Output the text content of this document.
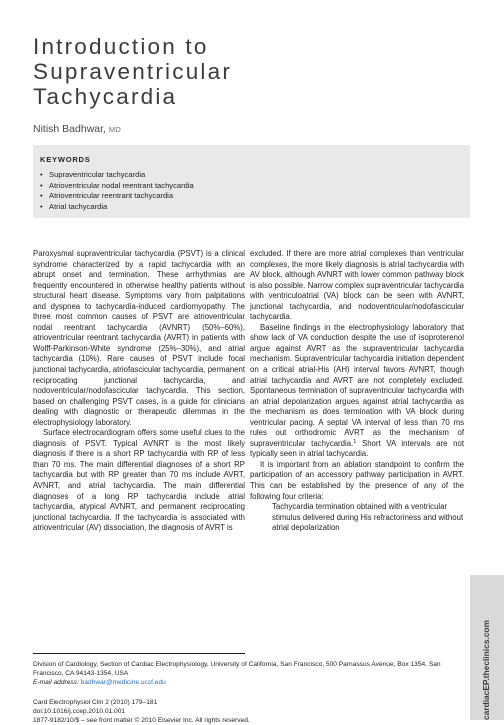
Introduction to
Supraventricular
Tachycardia
Nitish Badhwar, MD
KEYWORDS
• Supraventricular tachycardia
• Atrioventricular nodal reentrant tachycardia
• Atrioventricular reentrant tachycardia
• Atrial tachycardia

Paroxysmal supraventricular tachycardia (PSVT) is a clinical syndrome characterized by a rapid tachycardia with an abrupt onset and termination. These arrhythmias are frequently encountered in otherwise healthy patients without structural heart disease. Symptoms vary from palpitations and dyspnea to tachycardia-induced cardiomyopathy. The three most common causes of PSVT are atrioventricular nodal reentrant tachycardia (AVNRT) (50%–60%), atrioventricular reentrant tachycardia (AVRT) in patients with Wolff-Parkinson-White syndrome (25%–30%), and atrial tachycardia (10%). Rare causes of PSVT include focal junctional tachycardia, atriofascicular tachycardia, permanent reciprocating junctional tachycardia, and nodoventricular/nodofascicular tachycardia. This section, based on challenging PSVT cases, is a guide for clinicians dealing with diagnostic or therapeutic dilemmas in the electrophysiology laboratory.

Surface electrocardiogram offers some useful clues to the diagnosis of PSVT. Typical AVNRT is the most likely diagnosis if there is a short RP tachycardia with RP of less than 70 ms. The main differential diagnoses of a short RP tachycardia but with RP greater than 70 ms include AVRT, AVNRT, and atrial tachycardia. The main differential diagnoses of a long RP tachycardia include atrial tachycardia, atypical AVNRT, and permanent reciprocating junctional tachycardia. If the tachycardia is associated with atrioventricular (AV) dissociation, the diagnosis of AVRT is

excluded. If there are more atrial complexes than ventricular complexes, the more likely diagnosis is atrial tachycardia with AV block, although AVNRT with lower common pathway block is also possible. Narrow complex supraventricular tachycardia with ventriculoatrial (VA) block can be seen with AVNRT, junctional tachycardia, and nodoventricular/nodofascicular tachycardia.

Baseline findings in the electrophysiology laboratory that show lack of VA conduction despite the use of isoproterenol argue against AVRT as the supraventricular tachycardia mechanism. Supraventricular tachycardia initiation dependent on a critical atrial-His (AH) interval favors AVNRT, though atrial tachycardia and AVRT are not completely excluded. Spontaneous termination of supraventricular tachycardia with an atrial depolarization argues against atrial tachycardia as the mechanism as does termination with VA block during ventricular pacing. A septal VA interval of less than 70 ms rules out orthodromic AVRT as the mechanism of supraventricular tachycardia.$^1$ Short VA intervals are not typically seen in atrial tachycardia.

It is important from an ablation standpoint to confirm the participation of an accessory pathway participation in AVRT. This can be established by the presence of any of the following four criteria:

Tachycardia termination obtained with a ventricular stimulus delivered during His refractoriness and without atrial depolarization

cardiacEP.theclinics.com
Division of Cardiology, Section of Cardiac Electrophysiology, University of California, San Francisco, 500 Parnassus Avenue, Box 1354, San Francisco, CA 94143-1354, USA
E-mail address: badhwar@medicine.ucsf.edu
Card Electrophysiol Clin 2 (2010) 179–181
doi:10.1016/j.ccep.2010.01.001
1877-9182/10/$ – see front matter © 2010 Elsevier Inc. All rights reserved.
